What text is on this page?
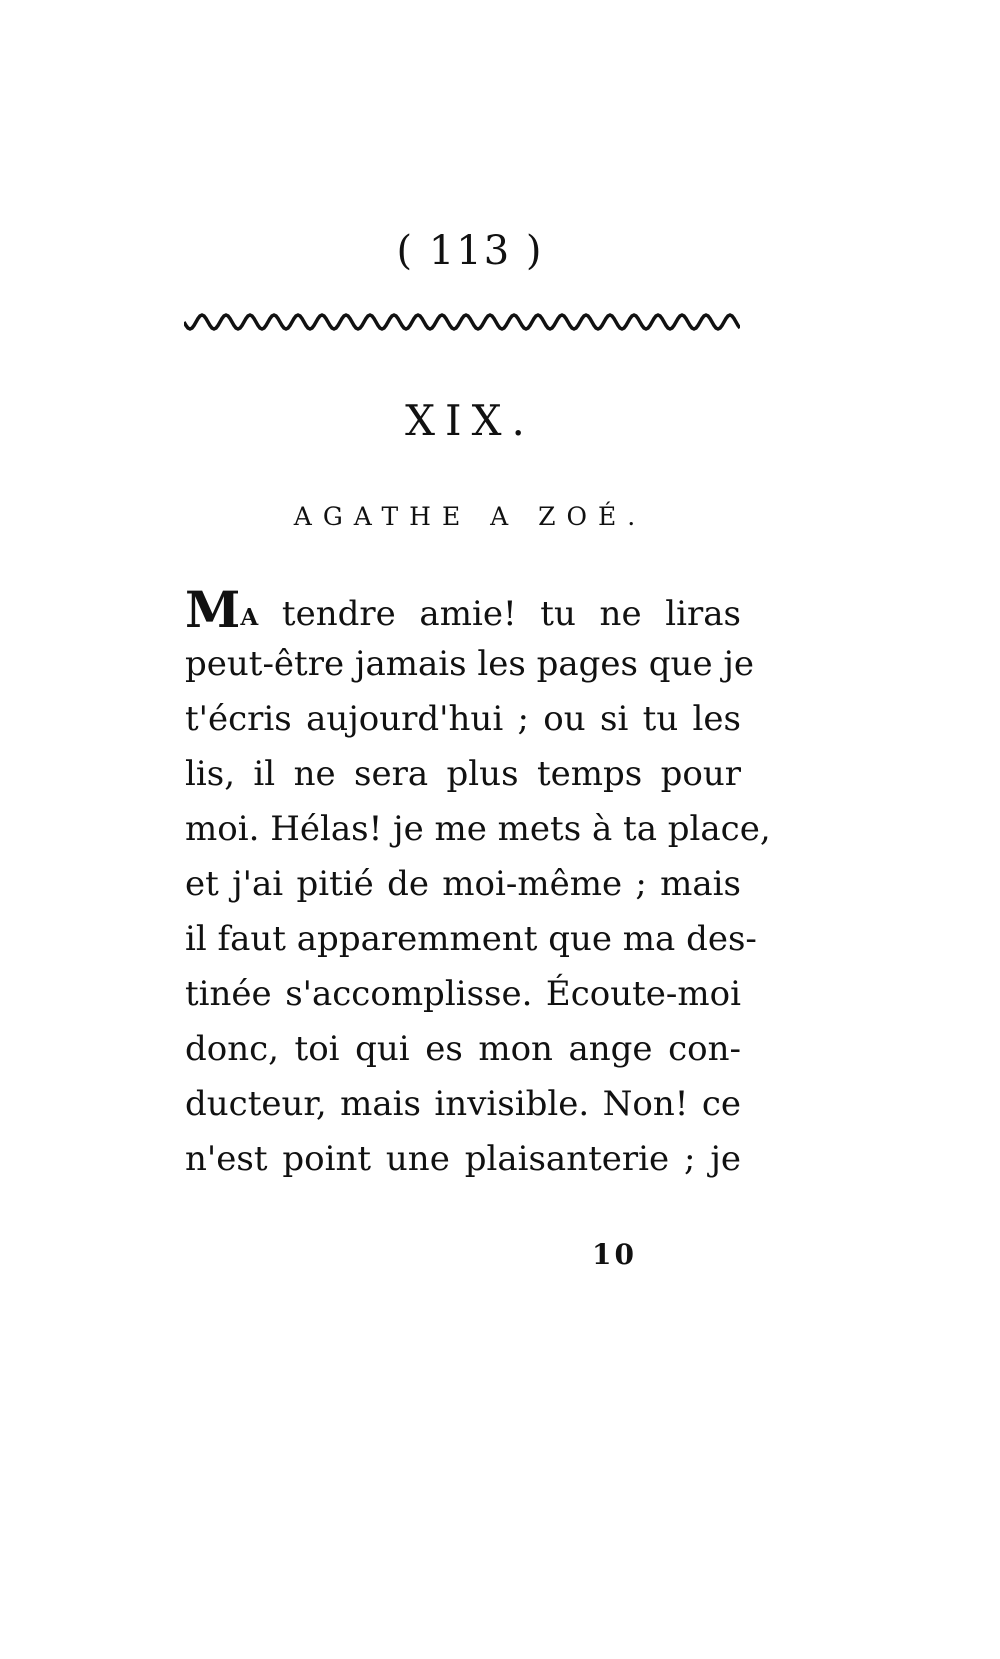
( 113 )
XIX.
AGATHE A ZOÉ.
MA tendre amie! tu ne liras
peut-être jamais les pages que je
t'écris aujourd'hui ; ou si tu les
lis, il ne sera plus temps pour
moi. Hélas! je me mets à ta place,
et j'ai pitié de moi-même ; mais
il faut apparemment que ma des-
tinée s'accomplisse. Écoute-moi
donc, toi qui es mon ange con-
ducteur, mais invisible. Non! ce
n'est point une plaisanterie ; je
10
